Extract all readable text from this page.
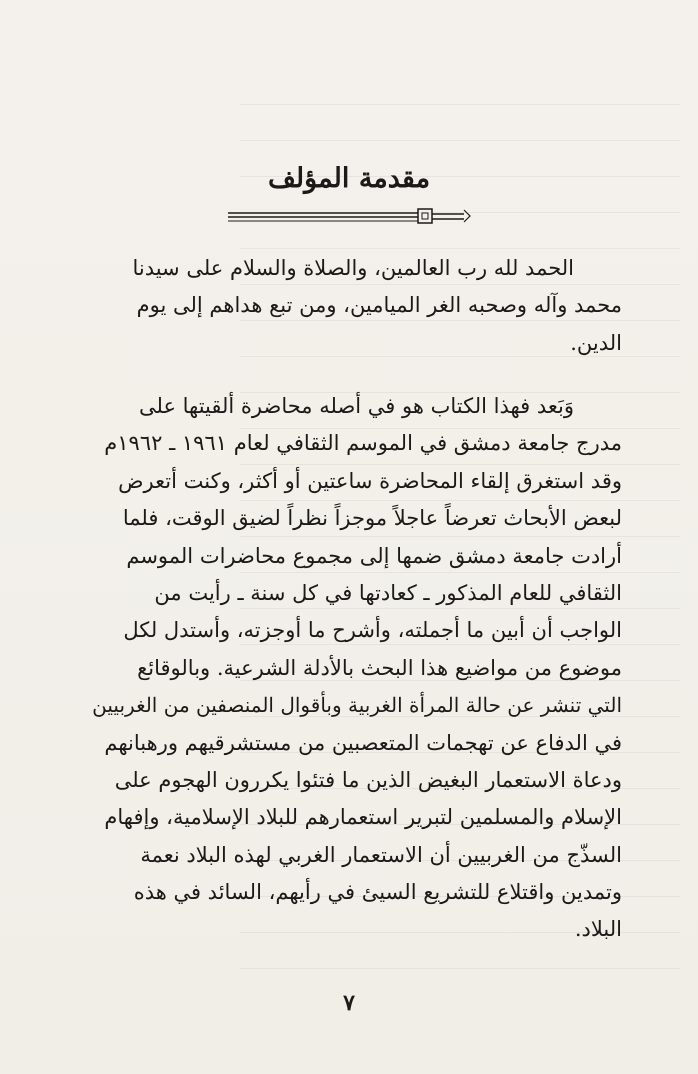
مقدمة المؤلف
الحمد لله رب العالمين، والصلاة والسلام على سيدنا
محمد وآله وصحبه الغر الميامين، ومن تبع هداهم إلى يوم
الدين.
وَبَعد فهذا الكتاب هو في أصله محاضرة ألقيتها على
مدرج جامعة دمشق في الموسم الثقافي لعام ١٩٦١ ـ ١٩٦٢م
وقد استغرق إلقاء المحاضرة ساعتين أو أكثر، وكنت أتعرض
لبعض الأبحاث تعرضاً عاجلاً موجزاً نظراً لضيق الوقت، فلما
أرادت جامعة دمشق ضمها إلى مجموع محاضرات الموسم
الثقافي للعام المذكور ـ كعادتها في كل سنة ـ رأيت من
الواجب أن أبين ما أجملته، وأشرح ما أوجزته، وأستدل لكل
موضوع من مواضيع هذا البحث بالأدلة الشرعية. وبالوقائع
التي تنشر عن حالة المرأة الغربية وبأقوال المنصفين من الغربيين
في الدفاع عن تهجمات المتعصبين من مستشرقيهم ورهبانهم
ودعاة الاستعمار البغيض الذين ما فتئوا يكررون الهجوم على
الإسلام والمسلمين لتبرير استعمارهم للبلاد الإسلامية، وإفهام
السذّج من الغربيين أن الاستعمار الغربي لهذه البلاد نعمة
وتمدين واقتلاع للتشريع السيئ في رأيهم، السائد في هذه
البلاد.
٧
